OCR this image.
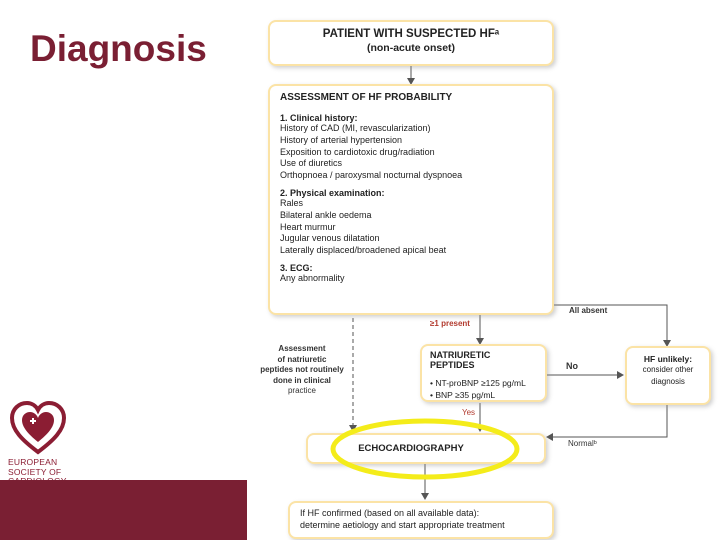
Diagnosis	PATIENT WITH SUSPECTED HFᵃ
(non-acute onset)
ASSESSMENT OF HF PROBABILITY
1. Clinical history:
History of CAD (MI, revascularization)
History of arterial hypertension
Exposition to cardiotoxic drug/radiation
Use of diuretics
Orthopnoea / paroxysmal nocturnal dyspnoea
2. Physical examination:
Rales
Bilateral ankle oedema
Heart murmur
Jugular venous dilatation
Laterally displaced/broadened apical beat
3. ECG:
Any abnormality
NATRIURETIC PEPTIDES
• NT-proBNP ≥125 pg/mL
• BNP ≥35 pg/mL
HF unlikely:
consider other
diagnosis
ECHOCARDIOGRAPHY
If HF confirmed (based on all available data):
determine aetiology and start appropriate treatment
≥1 present
All absent
No
Yes
Normalᵇ
Assessment
of natriuretic
peptides not routinely
done in clinical
practice
EUROPEAN
SOCIETY OF
